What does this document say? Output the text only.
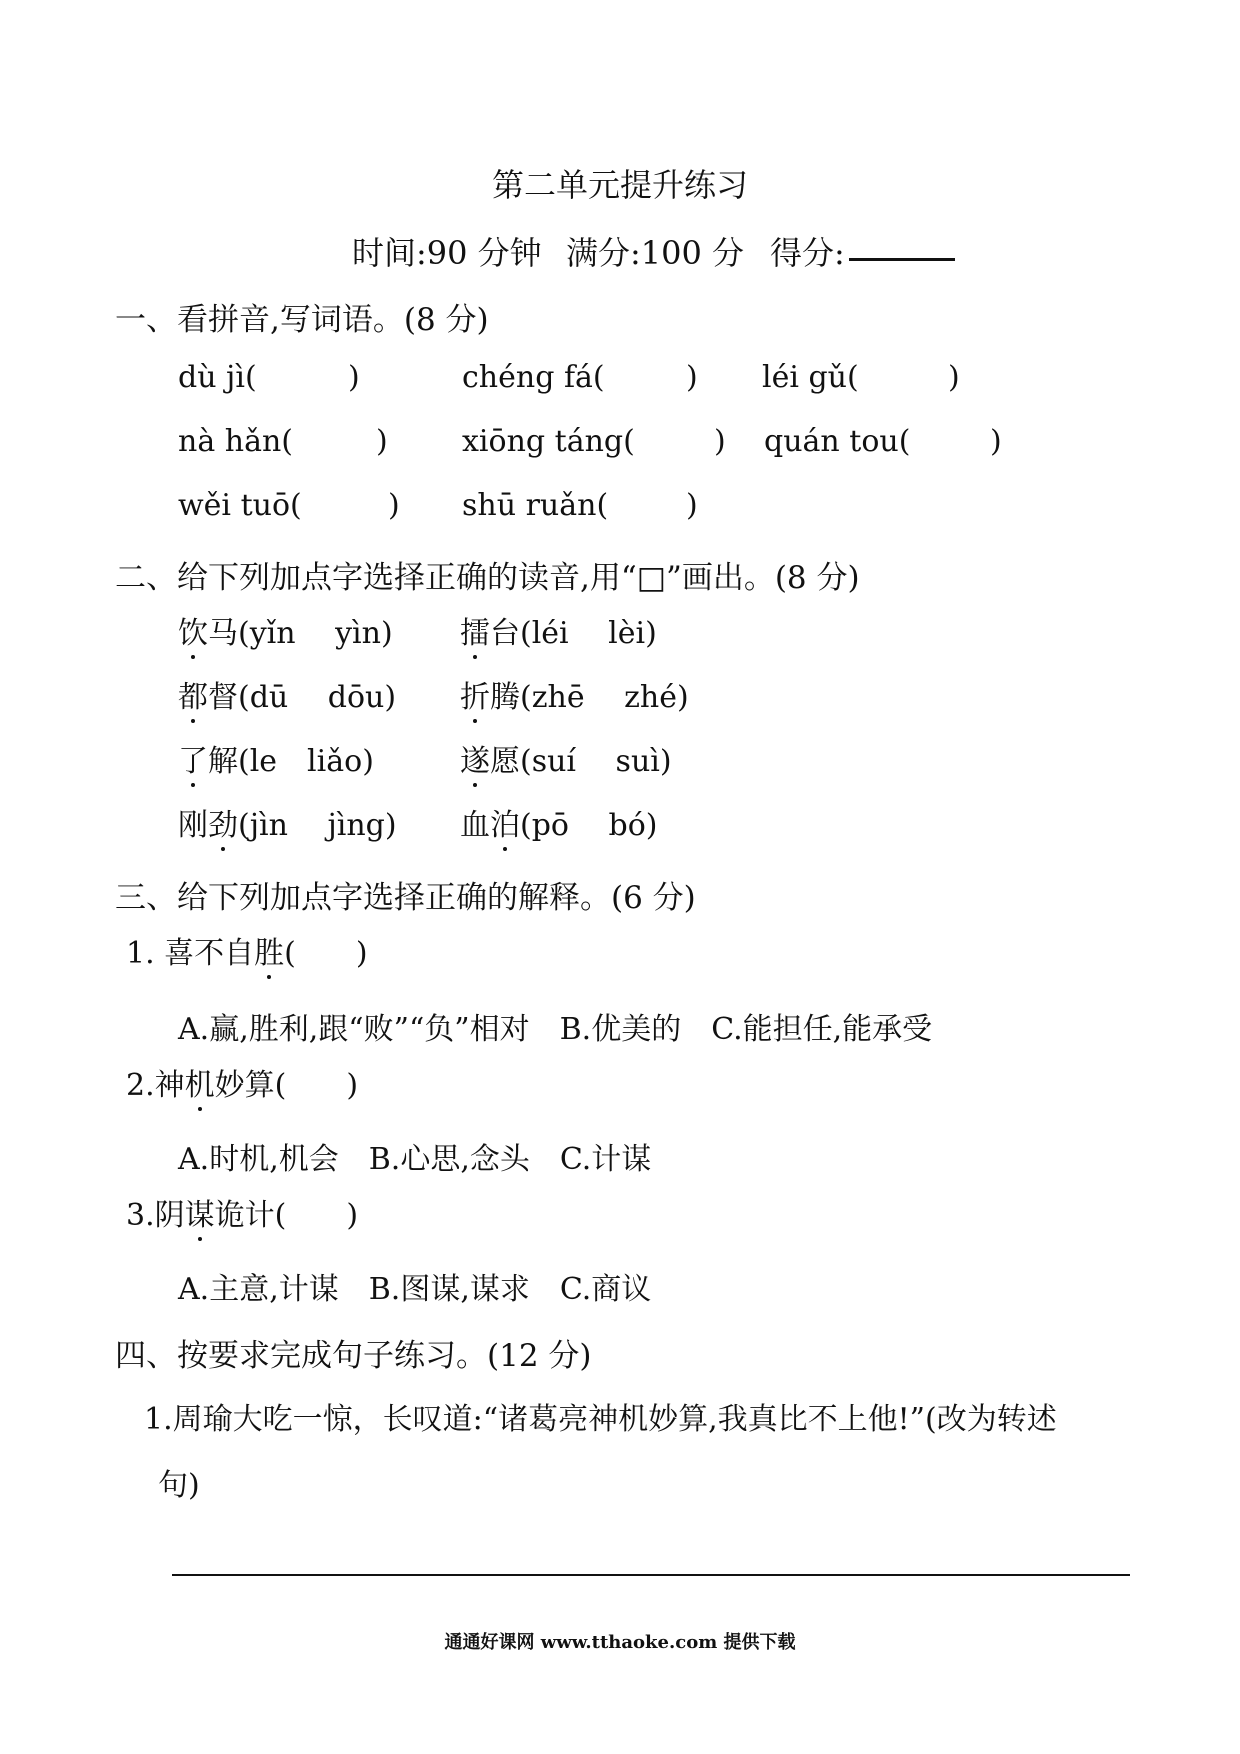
第二单元提升练习
时间:90 分钟 满分:100 分 得分:
一、看拼音,写词语。(8 分)
dù jì(	)	chéng fá(	) léi gǔ(	)
nà hǎn(	) xiōng táng(	) quán tou(	)
wěi tuō(	) shū ruǎn(	)
二、给下列加点字选择正确的读音,用“□”画出。(8 分)
饮马(yǐn　 yìn) 擂台(léi　 lèi)
都督(dū　 dōu) 折腾(zhē　 zhé)
了解(le　liǎo)	遂愿(suí　 suì)
刚劲(jìn　 jìng) 血泊(pō　 bó)
三、给下列加点字选择正确的解释。(6 分)
1. 喜不自胜(　　)
A.赢,胜利,跟“败”“负”相对　B.优美的　C.能担任,能承受
2.神机妙算(　　)
A.时机,机会　B.心思,念头　C.计谋
3.阴谋诡计(　　)
A.主意,计谋　B.图谋,谋求　C.商议
四、按要求完成句子练习。(12 分)
1.周瑜大吃一惊，长叹道:“诸葛亮神机妙算,我真比不上他!”(改为转述
句)
通通好课网 www.tthaoke.com 提供下载
